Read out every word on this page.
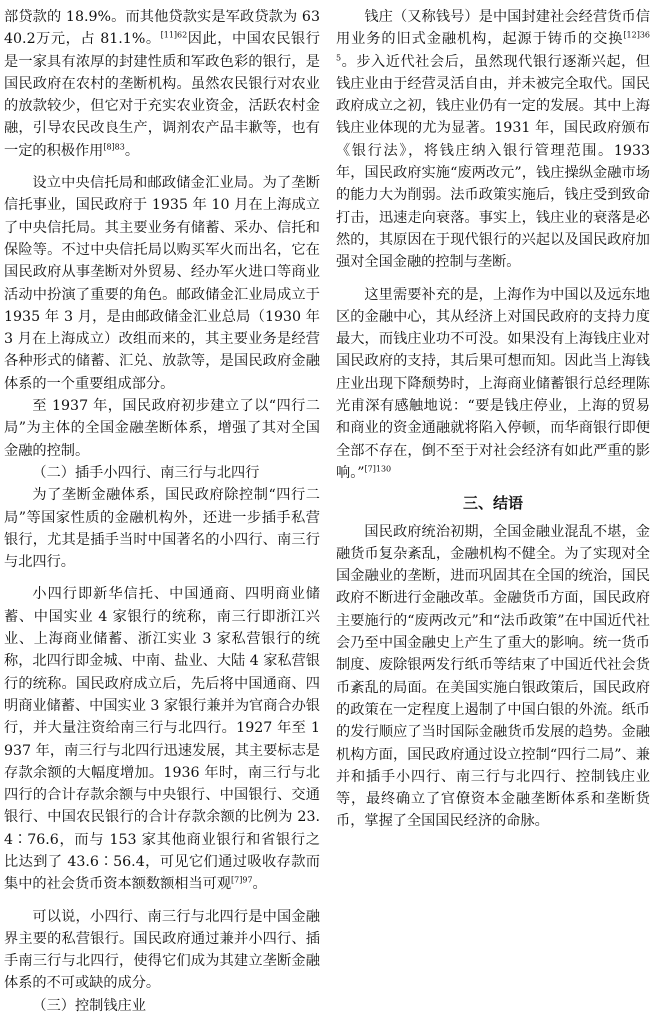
部贷款的 18.9%。而其他贷款实是军政贷款为 6340.2万元，占 81.1%。$^{[11]62}$因此，中国农民银行是一家具有浓厚的封建性质和军政色彩的银行，是国民政府在农村的垄断机构。虽然农民银行对农业的放款较少，但它对于充实农业资金，活跃农村金融，引导农民改良生产，调剂农产品丰歉等，也有一定的积极作用$^{[8]83}$。

设立中央信托局和邮政储金汇业局。为了垄断信托事业，国民政府于 1935 年 10 月在上海成立了中央信托局。其主要业务有储蓄、采办、信托和保险等。不过中央信托局以购买军火而出名，它在国民政府从事垄断对外贸易、经办军火进口等商业活动中扮演了重要的角色。邮政储金汇业局成立于 1935 年 3 月，是由邮政储金汇业总局（1930 年 3 月在上海成立）改组而来的，其主要业务是经营各种形式的储蓄、汇兑、放款等，是国民政府金融体系的一个重要组成部分。

至 1937 年，国民政府初步建立了以“四行二局”为主体的全国金融垄断体系，增强了其对全国金融的控制。

（二）插手小四行、南三行与北四行

为了垄断金融体系，国民政府除控制“四行二局”等国家性质的金融机构外，还进一步插手私营银行，尤其是插手当时中国著名的小四行、南三行与北四行。

小四行即新华信托、中国通商、四明商业储蓄、中国实业 4 家银行的统称，南三行即浙江兴业、上海商业储蓄、浙江实业 3 家私营银行的统称，北四行即金城、中南、盐业、大陆 4 家私营银行的统称。国民政府成立后，先后将中国通商、四明商业储蓄、中国实业 3 家银行兼并为官商合办银行，并大量注资给南三行与北四行。1927 年至 1937 年，南三行与北四行迅速发展，其主要标志是存款余额的大幅度增加。1936 年时，南三行与北四行的合计存款余额与中央银行、中国银行、交通银行、中国农民银行的合计存款余额的比例为 23.4∶76.6，而与 153 家其他商业银行和省银行之比达到了 43.6∶56.4，可见它们通过吸收存款而集中的社会货币资本额数额相当可观$^{[7]97}$。

可以说，小四行、南三行与北四行是中国金融界主要的私营银行。国民政府通过兼并小四行、插手南三行与北四行，使得它们成为其建立垄断金融体系的不可或缺的成分。

（三）控制钱庄业

钱庄（又称钱号）是中国封建社会经营货币信用业务的旧式金融机构，起源于铸币的交换$^{[12]365}$。步入近代社会后，虽然现代银行逐渐兴起，但钱庄业由于经营灵活自由，并未被完全取代。国民政府成立之初，钱庄业仍有一定的发展。其中上海钱庄业体现的尤为显著。1931 年，国民政府颁布《银行法》，将钱庄纳入银行管理范围。1933 年，国民政府实施“废两改元”，钱庄操纵金融市场的能力大为削弱。法币政策实施后，钱庄受到致命打击，迅速走向衰落。事实上，钱庄业的衰落是必然的，其原因在于现代银行的兴起以及国民政府加强对全国金融的控制与垄断。

这里需要补充的是，上海作为中国以及远东地区的金融中心，其从经济上对国民政府的支持力度最大，而钱庄业功不可没。如果没有上海钱庄业对国民政府的支持，其后果可想而知。因此当上海钱庄业出现下降颓势时，上海商业储蓄银行总经理陈光甫深有感触地说：“要是钱庄停业，上海的贸易和商业的资金通融就将陷入停顿，而华商银行即便全部不存在，倒不至于对社会经济有如此严重的影响。”$^{[7]130}$

三、结语

国民政府统治初期，全国金融业混乱不堪，金融货币复杂紊乱，金融机构不健全。为了实现对全国金融业的垄断，进而巩固其在全国的统治，国民政府不断进行金融改革。金融货币方面，国民政府主要施行的“废两改元”和“法币政策”在中国近代社会乃至中国金融史上产生了重大的影响。统一货币制度、废除银两发行纸币等结束了中国近代社会货币紊乱的局面。在美国实施白银政策后，国民政府的政策在一定程度上遏制了中国白银的外流。纸币的发行顺应了当时国际金融货币发展的趋势。金融机构方面，国民政府通过设立控制“四行二局”、兼并和插手小四行、南三行与北四行、控制钱庄业等，最终确立了官僚资本金融垄断体系和垄断货币，掌握了全国国民经济的命脉。
